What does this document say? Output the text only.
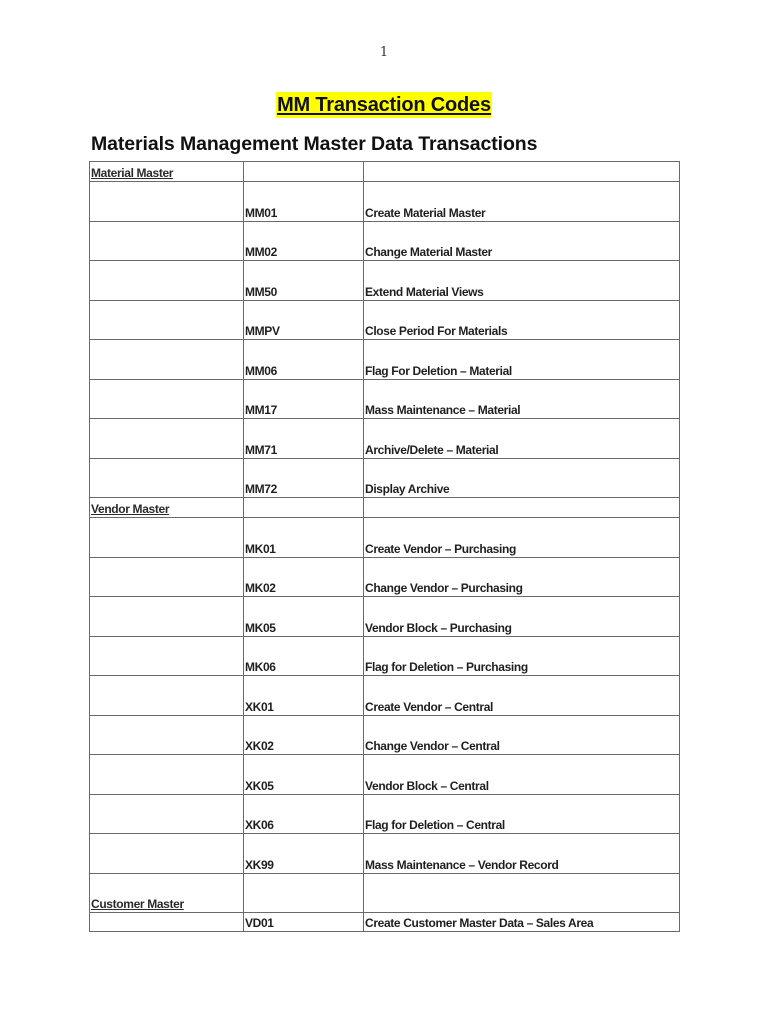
1
MM Transaction Codes
Materials Management Master Data Transactions
Material Master		
	MM01	Create Material Master
	MM02	Change Material Master
	MM50	Extend Material Views
	MMPV	Close Period For Materials
	MM06	Flag For Deletion – Material
	MM17	Mass Maintenance – Material
	MM71	Archive/Delete – Material
	MM72	Display Archive
Vendor Master		
	MK01	Create Vendor – Purchasing
	MK02	Change Vendor – Purchasing
	MK05	Vendor Block – Purchasing
	MK06	Flag for Deletion – Purchasing
	XK01	Create Vendor – Central
	XK02	Change Vendor – Central
	XK05	Vendor Block – Central
	XK06	Flag for Deletion – Central
	XK99	Mass Maintenance – Vendor Record
Customer Master		
	VD01	Create Customer Master Data – Sales Area
